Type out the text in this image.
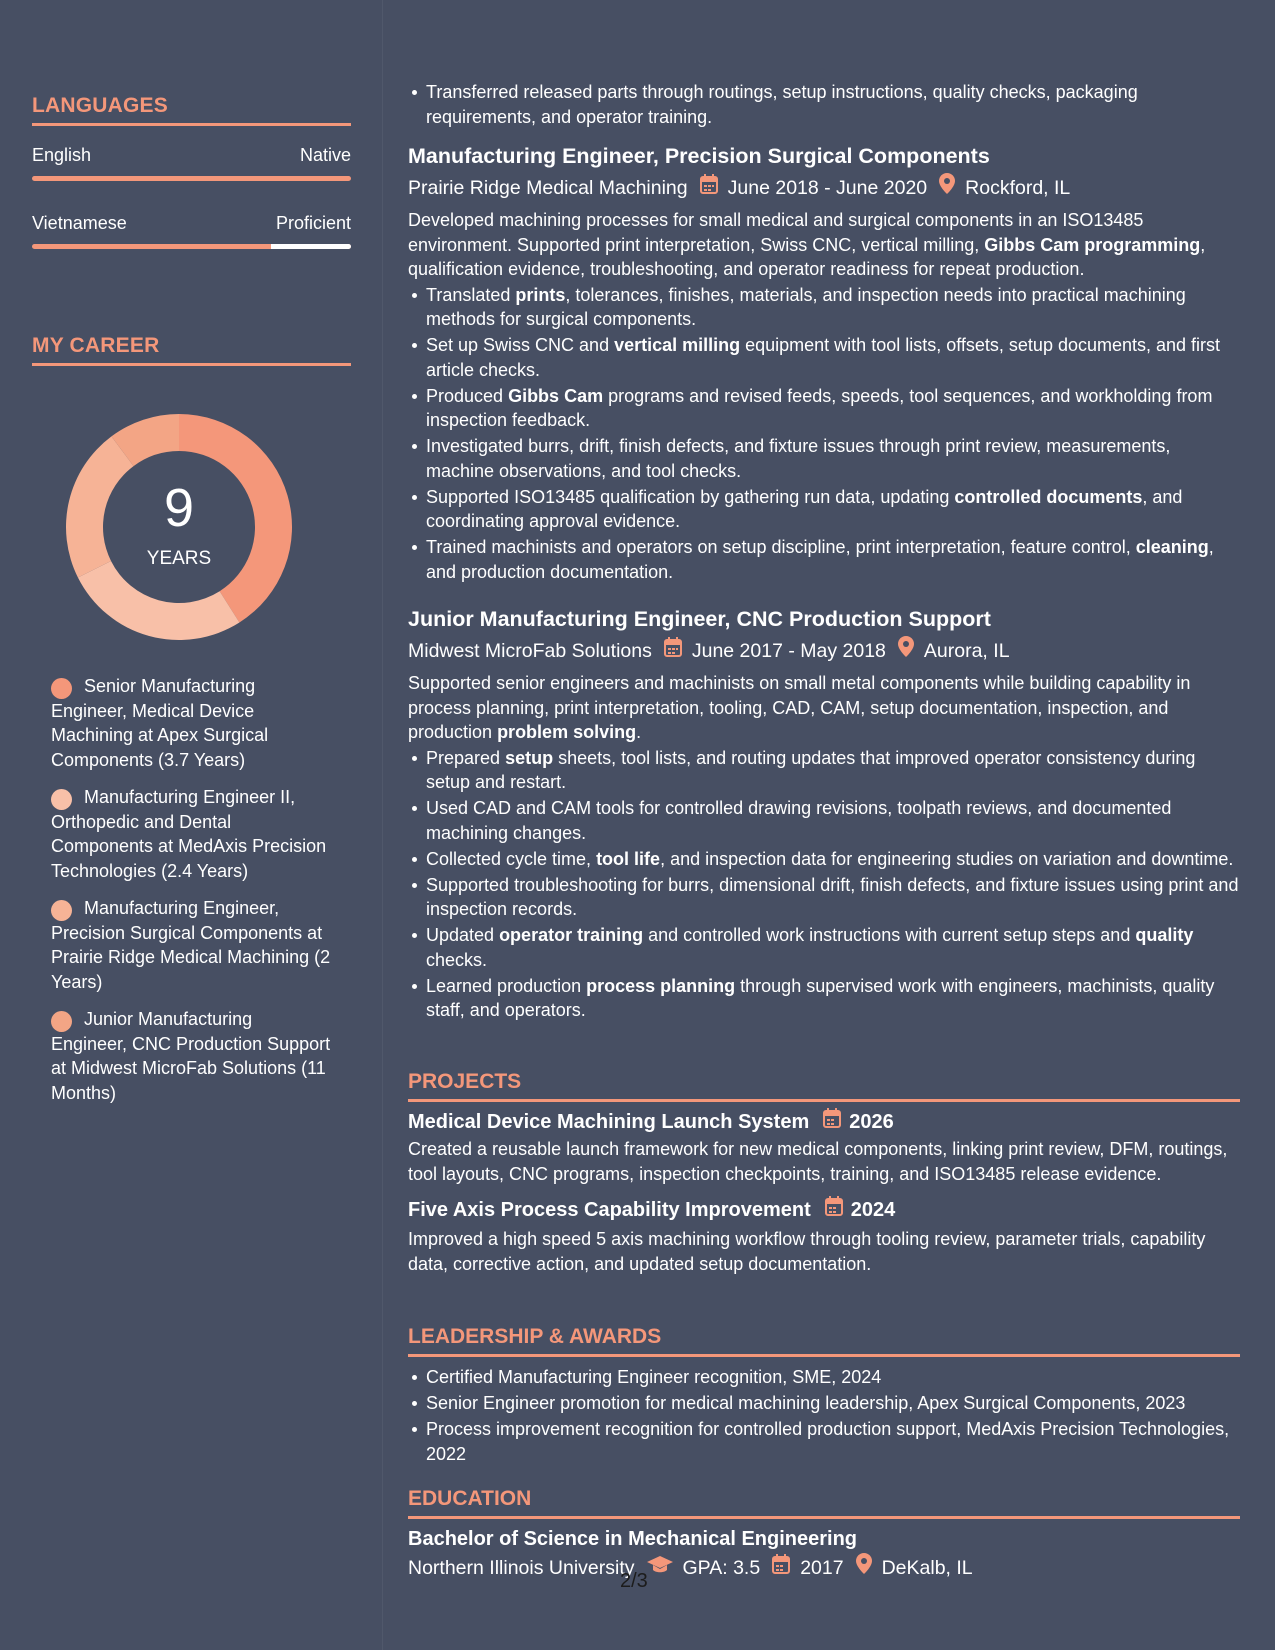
LANGUAGES
English	Native
Vietnamese	Proficient
MY CAREER
9
YEARS
Senior Manufacturing Engineer, Medical Device Machining at Apex Surgical Components (3.7 Years)
Manufacturing Engineer II, Orthopedic and Dental Components at MedAxis Precision Technologies (2.4 Years)
Manufacturing Engineer, Precision Surgical Components at Prairie Ridge Medical Machining (2 Years)
Junior Manufacturing Engineer, CNC Production Support at Midwest MicroFab Solutions (11 Months)
Transferred released parts through routings, setup instructions, quality checks, packaging requirements, and operator training.
Manufacturing Engineer, Precision Surgical Components
Prairie Ridge Medical Machining June 2018 - June 2020 Rockford, IL

Developed machining processes for small medical and surgical components in an ISO13485 environment. Supported print interpretation, Swiss CNC, vertical milling, Gibbs Cam programming, qualification evidence, troubleshooting, and operator readiness for repeat production.

Translated prints, tolerances, finishes, materials, and inspection needs into practical machining methods for surgical components.
Set up Swiss CNC and vertical milling equipment with tool lists, offsets, setup documents, and first article checks.
Produced Gibbs Cam programs and revised feeds, speeds, tool sequences, and workholding from inspection feedback.
Investigated burrs, drift, finish defects, and fixture issues through print review, measurements, machine observations, and tool checks.
Supported ISO13485 qualification by gathering run data, updating controlled documents, and coordinating approval evidence.
Trained machinists and operators on setup discipline, print interpretation, feature control, cleaning, and production documentation.
Junior Manufacturing Engineer, CNC Production Support
Midwest MicroFab Solutions June 2017 - May 2018 Aurora, IL

Supported senior engineers and machinists on small metal components while building capability in process planning, print interpretation, tooling, CAD, CAM, setup documentation, inspection, and production problem solving.

Prepared setup sheets, tool lists, and routing updates that improved operator consistency during setup and restart.
Used CAD and CAM tools for controlled drawing revisions, toolpath reviews, and documented machining changes.
Collected cycle time, tool life, and inspection data for engineering studies on variation and downtime.
Supported troubleshooting for burrs, dimensional drift, finish defects, and fixture issues using print and inspection records.
Updated operator training and controlled work instructions with current setup steps and quality checks.
Learned production process planning through supervised work with engineers, machinists, quality staff, and operators.
PROJECTS
Medical Device Machining Launch System 2026

Created a reusable launch framework for new medical components, linking print review, DFM, routings, tool layouts, CNC programs, inspection checkpoints, training, and ISO13485 release evidence.

Five Axis Process Capability Improvement 2024

Improved a high speed 5 axis machining workflow through tooling review, parameter trials, capability data, corrective action, and updated setup documentation.

LEADERSHIP & AWARDS
Certified Manufacturing Engineer recognition, SME, 2024
Senior Engineer promotion for medical machining leadership, Apex Surgical Components, 2023
Process improvement recognition for controlled production support, MedAxis Precision Technologies, 2022
EDUCATION
Bachelor of Science in Mechanical Engineering
Northern Illinois University GPA: 3.5 2017 DeKalb, IL
2/3
